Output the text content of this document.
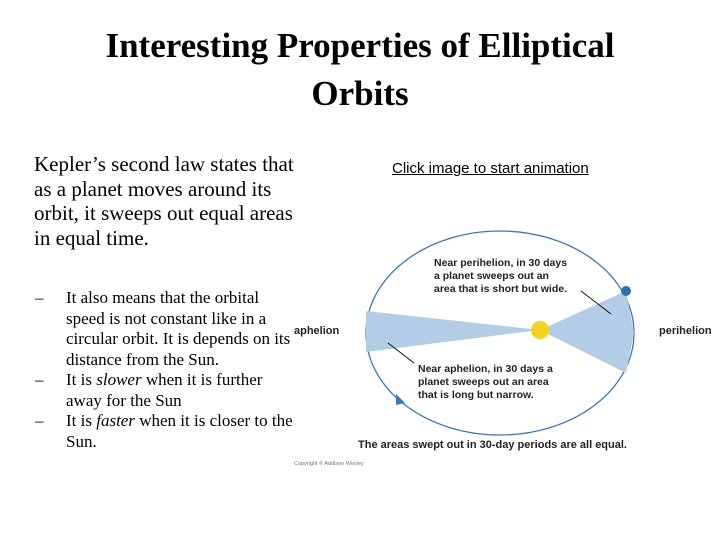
Interesting Properties of Elliptical
Orbits
Kepler’s second law states that as a planet moves around its orbit, it sweeps out equal areas in equal time.
– It also means that the orbital speed is not constant like in a circular orbit. It is depends on its distance from the Sun.
– It is slower when it is further away for the Sun
– It is faster when it is closer to the Sun.
Click image to start animation
Near perihelion, in 30 days a planet sweeps out an area that is short but wide.
Near aphelion, in 30 days a planet sweeps out an area that is long but narrow.
aphelion	perihelion
The areas swept out in 30-day periods are all equal.
Copyright © Addison Wesley
